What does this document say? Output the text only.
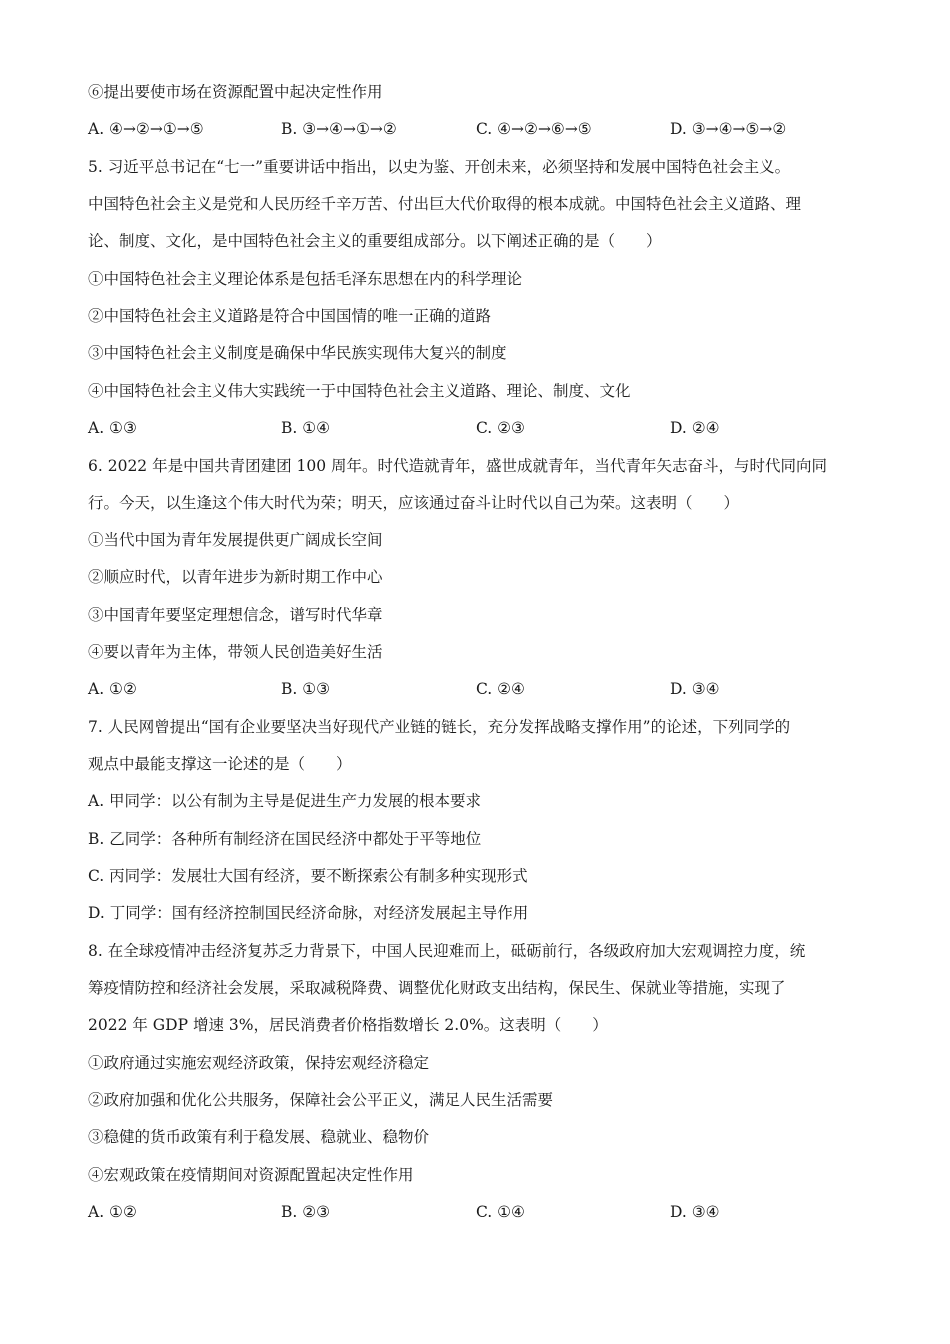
⑥提出要使市场在资源配置中起决定性作用
A. ④→②→①→⑤	B. ③→④→①→②	C. ④→②→⑥→⑤	D. ③→④→⑤→②
5. 习近平总书记在“七一”重要讲话中指出，以史为鉴、开创未来，必须坚持和发展中国特色社会主义。
中国特色社会主义是党和人民历经千辛万苦、付出巨大代价取得的根本成就。中国特色社会主义道路、理
论、制度、文化，是中国特色社会主义的重要组成部分。以下阐述正确的是（　　）
①中国特色社会主义理论体系是包括毛泽东思想在内的科学理论
②中国特色社会主义道路是符合中国国情的唯一正确的道路
③中国特色社会主义制度是确保中华民族实现伟大复兴的制度
④中国特色社会主义伟大实践统一于中国特色社会主义道路、理论、制度、文化
A. ①③	B. ①④	C. ②③	D. ②④
6. 2022 年是中国共青团建团 100 周年。时代造就青年，盛世成就青年，当代青年矢志奋斗，与时代同向同
行。今天，以生逢这个伟大时代为荣；明天，应该通过奋斗让时代以自己为荣。这表明（　　）
①当代中国为青年发展提供更广阔成长空间
②顺应时代，以青年进步为新时期工作中心
③中国青年要坚定理想信念，谱写时代华章
④要以青年为主体，带领人民创造美好生活
A. ①②	B. ①③	C. ②④	D. ③④
7. 人民网曾提出“国有企业要坚决当好现代产业链的链长，充分发挥战略支撑作用”的论述，下列同学的
观点中最能支撑这一论述的是（　　）
A. 甲同学：以公有制为主导是促进生产力发展的根本要求
B. 乙同学：各种所有制经济在国民经济中都处于平等地位
C. 丙同学：发展壮大国有经济，要不断探索公有制多种实现形式
D. 丁同学：国有经济控制国民经济命脉，对经济发展起主导作用
8. 在全球疫情冲击经济复苏乏力背景下，中国人民迎难而上，砥砺前行，各级政府加大宏观调控力度，统
筹疫情防控和经济社会发展，采取减税降费、调整优化财政支出结构，保民生、保就业等措施，实现了
2022 年 GDP 增速 3%，居民消费者价格指数增长 2.0%。这表明（　　）
①政府通过实施宏观经济政策，保持宏观经济稳定
②政府加强和优化公共服务，保障社会公平正义，满足人民生活需要
③稳健的货币政策有利于稳发展、稳就业、稳物价
④宏观政策在疫情期间对资源配置起决定性作用
A. ①②	B. ②③	C. ①④	D. ③④
